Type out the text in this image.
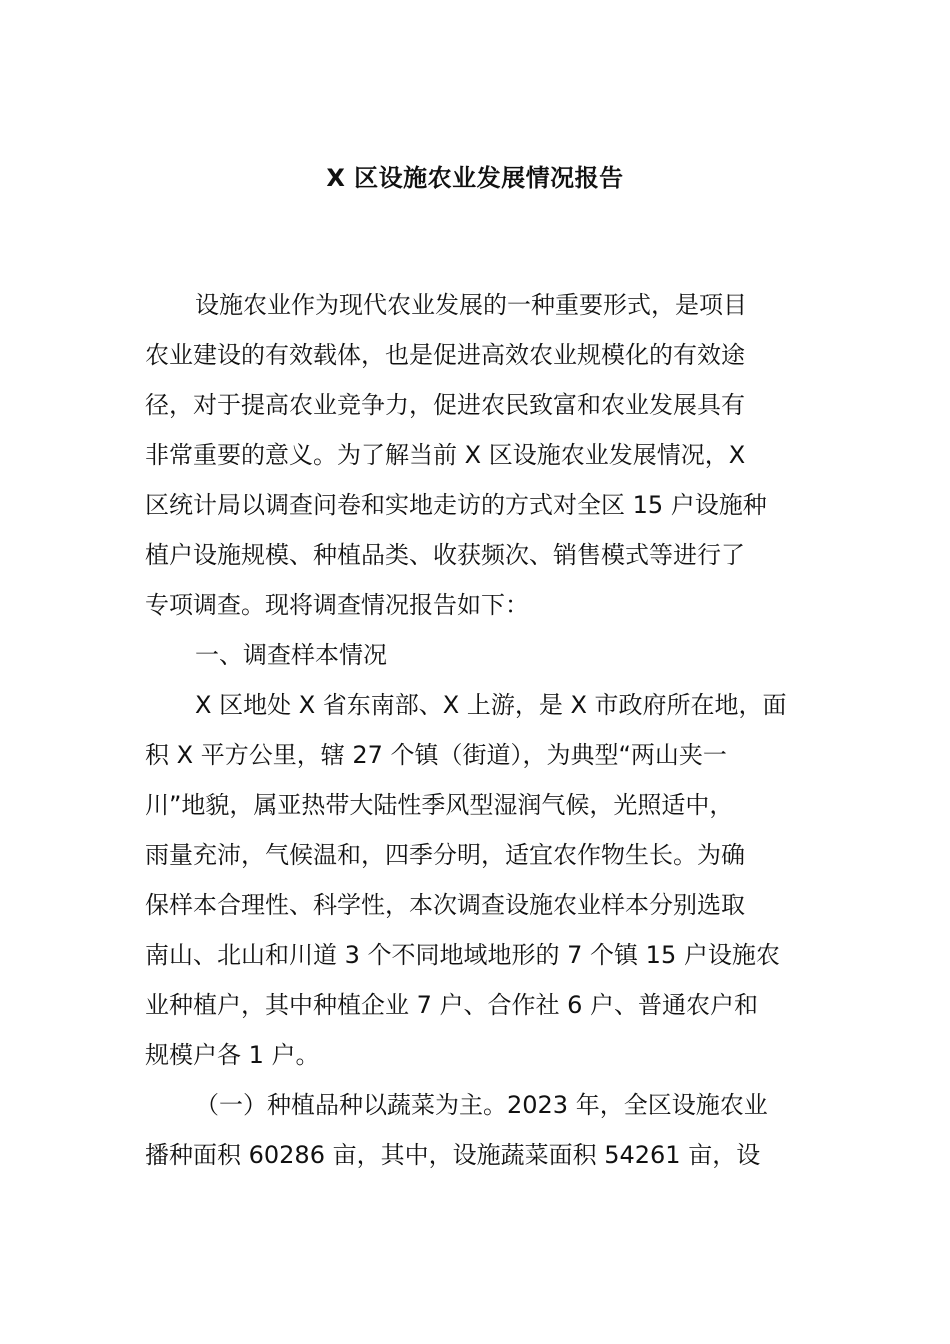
X 区设施农业发展情况报告
设施农业作为现代农业发展的一种重要形式，是项目
农业建设的有效载体，也是促进高效农业规模化的有效途
径，对于提高农业竞争力，促进农民致富和农业发展具有
非常重要的意义。为了解当前 X 区设施农业发展情况，X
区统计局以调查问卷和实地走访的方式对全区 15 户设施种
植户设施规模、种植品类、收获频次、销售模式等进行了
专项调查。现将调查情况报告如下：
一、调查样本情况
X 区地处 X 省东南部、X 上游，是 X 市政府所在地，面
积 X 平方公里，辖 27 个镇（街道），为典型“两山夹一
川”地貌，属亚热带大陆性季风型湿润气候，光照适中，
雨量充沛，气候温和，四季分明，适宜农作物生长。为确
保样本合理性、科学性，本次调查设施农业样本分别选取
南山、北山和川道 3 个不同地域地形的 7 个镇 15 户设施农
业种植户，其中种植企业 7 户、合作社 6 户、普通农户和
规模户各 1 户。
（一）种植品种以蔬菜为主。2023 年，全区设施农业
播种面积 60286 亩，其中，设施蔬菜面积 54261 亩，设
